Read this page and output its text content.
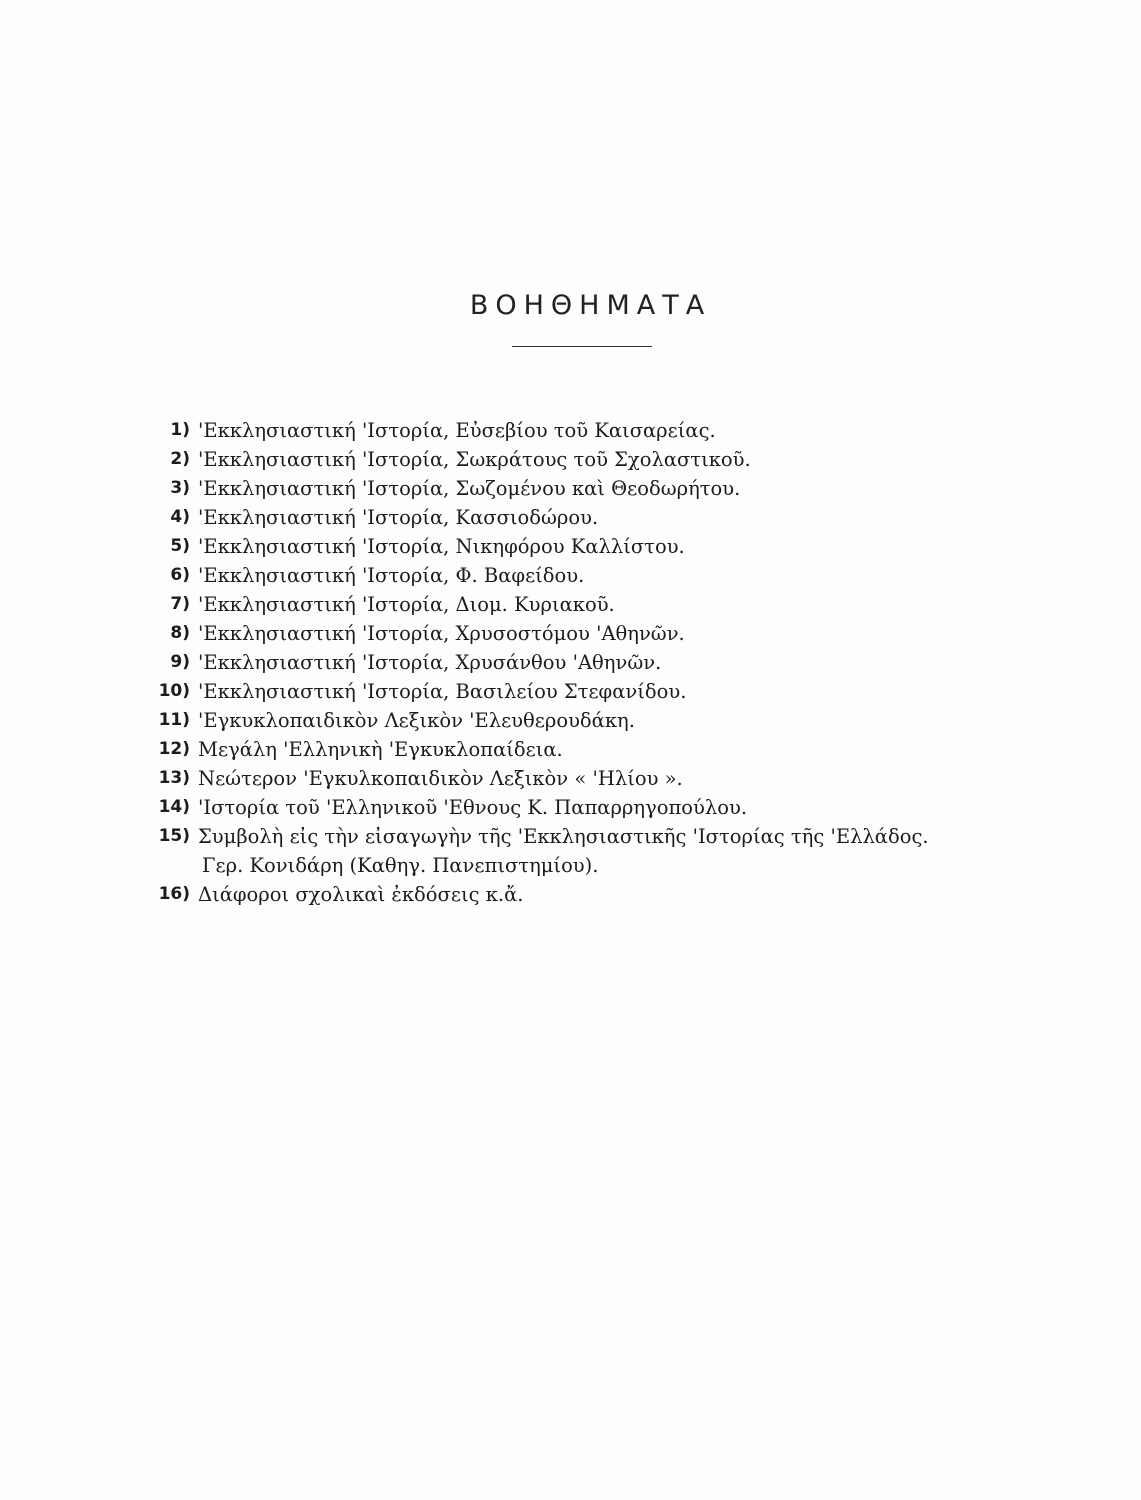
ΒΟΗΘΗΜΑΤΑ
1) 'Εκκλησιαστική 'Ιστορία, Εὐσεβίου τοῦ Καισαρείας.
2) 'Εκκλησιαστική 'Ιστορία, Σωκράτους τοῦ Σχολαστικοῦ.
3) 'Εκκλησιαστική 'Ιστορία, Σωζομένου καὶ Θεοδωρήτου.
4) 'Εκκλησιαστική 'Ιστορία, Κασσιοδώρου.
5) 'Εκκλησιαστική 'Ιστορία, Νικηφόρου Καλλίστου.
6) 'Εκκλησιαστική 'Ιστορία, Φ. Βαφείδου.
7) 'Εκκλησιαστική 'Ιστορία, Διομ. Κυριακοῦ.
8) 'Εκκλησιαστική 'Ιστορία, Χρυσοστόμου 'Αθηνῶν.
9) 'Εκκλησιαστική 'Ιστορία, Χρυσάνθου 'Αθηνῶν.
10) 'Εκκλησιαστική 'Ιστορία, Βασιλείου Στεφανίδου.
11) 'Εγκυκλοπαιδικὸν Λεξικὸν 'Ελευθερουδάκη.
12) Μεγάλη 'Ελληνικὴ 'Εγκυκλοπαίδεια.
13) Νεώτερον 'Εγκυλκοπαιδικὸν Λεξικὸν « 'Ηλίου ».
14) 'Ιστορία τοῦ 'Ελληνικοῦ 'Εθνους Κ. Παπαρρηγοπούλου.
15) Συμβολὴ εἰς τὴν εἰσαγωγὴν τῆς 'Εκκλησιαστικῆς 'Ιστορίας τῆς 'Ελλάδος.
Γερ. Κονιδάρη (Καθηγ. Πανεπιστημίου).
16) Διάφοροι σχολικαὶ ἐκδόσεις κ.ἄ.
